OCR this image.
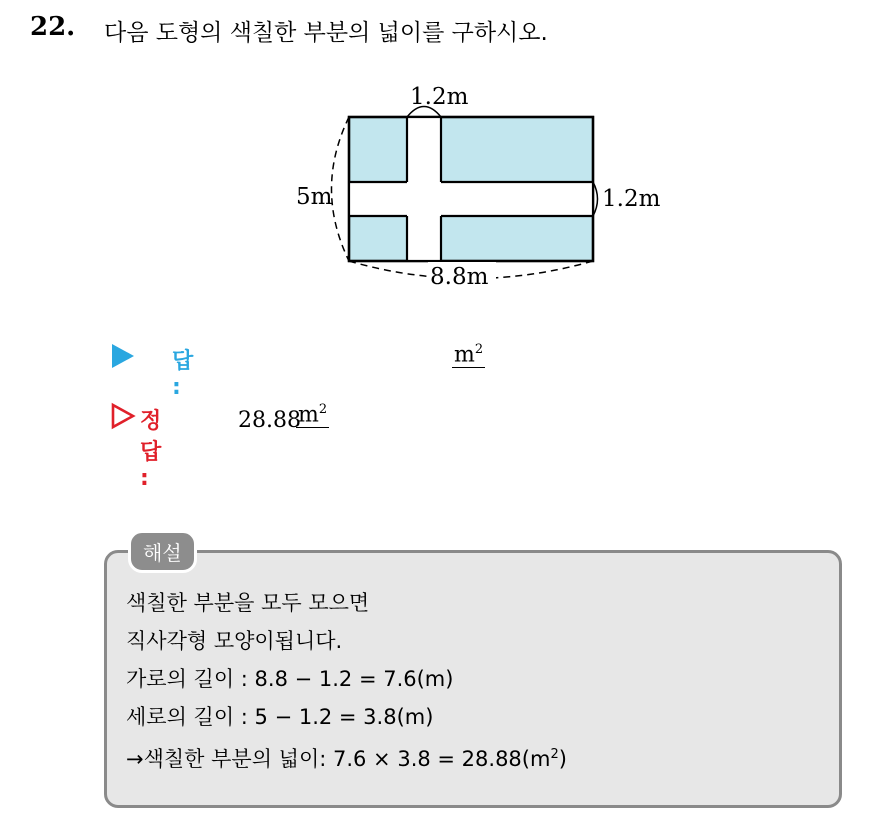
22. 다음 도형의 색칠한 부분의 넓이를 구하시오.
1.2m
5m	1.2m
8.8m
답 :
$m^2$
정답 :
28.88
$m^2$
해설
색칠한 부분을 모두 모으면
직사각형 모양이됩니다.
가로의 길이 : 8.8 − 1.2 = 7.6(m)
세로의 길이 : 5 − 1.2 = 3.8(m)
→색칠한 부분의 넓이: $7.6 \times 3.8 = 28.88(m^2)$
